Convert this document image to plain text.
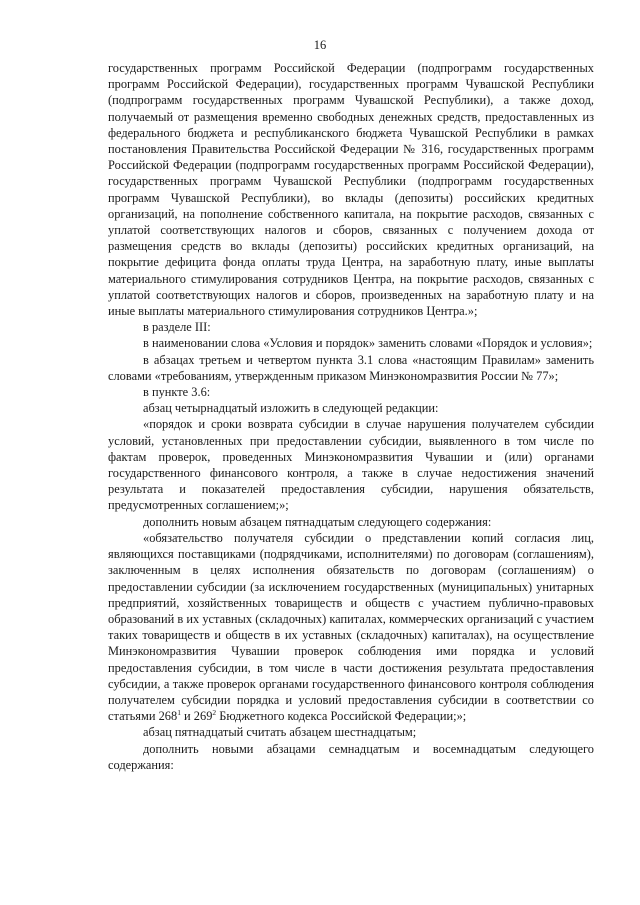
16

государственных программ Российской Федерации (подпрограмм государственных программ Российской Федерации), государственных программ Чувашской Республики (подпрограмм государственных программ Чувашской Республики), а также доход, получаемый от размещения временно свободных денежных средств, предоставленных из федерального бюджета и республиканского бюджета Чувашской Республики в рамках постановления Правительства Российской Федерации № 316, государственных программ Российской Федерации (подпрограмм государственных программ Российской Федерации), государственных программ Чувашской Республики (подпрограмм государственных программ Чувашской Республики), во вклады (депозиты) российских кредитных организаций, на пополнение собственного капитала, на покрытие расходов, связанных с уплатой соответствующих налогов и сборов, связанных с получением дохода от размещения средств во вклады (депозиты) российских кредитных организаций, на покрытие дефицита фонда оплаты труда Центра, на заработную плату, иные выплаты материального стимулирования сотрудников Центра, на покрытие расходов, связанных с уплатой соответствующих налогов и сборов, произведенных на заработную плату и на иные выплаты материального стимулирования сотрудников Центра.»;

в разделе III:

в наименовании слова «Условия и порядок» заменить словами «Порядок и условия»;

в абзацах третьем и четвертом пункта 3.1 слова «настоящим Правилам» заменить словами «требованиям, утвержденным приказом Минэкономразвития России № 77»;

в пункте 3.6:

абзац четырнадцатый изложить в следующей редакции:

«порядок и сроки возврата субсидии в случае нарушения получателем субсидии условий, установленных при предоставлении субсидии, выявленного в том числе по фактам проверок, проведенных Минэкономразвития Чувашии и (или) органами государственного финансового контроля, а также в случае недостижения значений результата и показателей предоставления субсидии, нарушения обязательств, предусмотренных соглашением;»;

дополнить новым абзацем пятнадцатым следующего содержания:

«обязательство получателя субсидии о представлении копий согласия лиц, являющихся поставщиками (подрядчиками, исполнителями) по договорам (соглашениям), заключенным в целях исполнения обязательств по договорам (соглашениям) о предоставлении субсидии (за исключением государственных (муниципальных) унитарных предприятий, хозяйственных товариществ и обществ с участием публично-правовых образований в их уставных (складочных) капиталах, коммерческих организаций с участием таких товариществ и обществ в их уставных (складочных) капиталах), на осуществление Минэкономразвития Чувашии проверок соблюдения ими порядка и условий предоставления субсидии, в том числе в части достижения результата предоставления субсидии, а также проверок органами государственного финансового контроля соблюдения получателем субсидии порядка и условий предоставления субсидии в соответствии со статьями $268^1$ и $269^2$ Бюджетного кодекса Российской Федерации;»;

абзац пятнадцатый считать абзацем шестнадцатым;

дополнить новыми абзацами семнадцатым и восемнадцатым следующего содержания:
